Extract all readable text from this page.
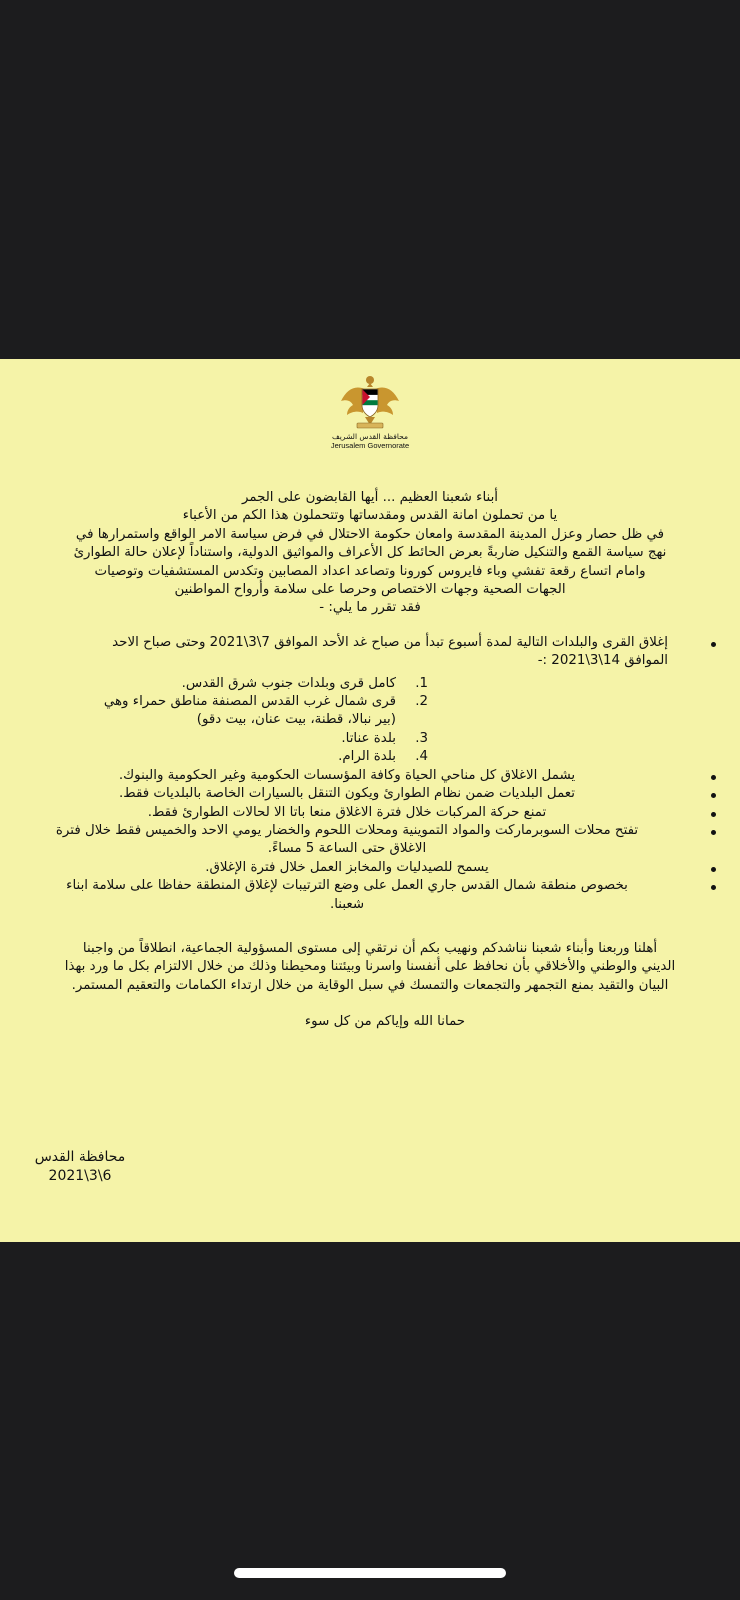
محافظة القدس الشريف
Jerusalem Governorate

أبناء شعبنا العظيم ... أيها القابضون على الجمر

يا من تحملون امانة القدس ومقدساتها وتتحملون هذا الكم من الأعباء

في ظل حصار وعزل المدينة المقدسة وامعان حكومة الاحتلال في فرض سياسة الامر الواقع واستمرارها في

نهج سياسة القمع والتنكيل ضاربةً بعرض الحائط كل الأعراف والمواثيق الدولية، واستناداً لإعلان حالة الطوارئ

وامام اتساع رقعة تفشي وباء فايروس كورونا وتصاعد اعداد المصابين وتكدس المستشفيات وتوصيات

الجهات الصحية وجهات الاختصاص وحرصا على سلامة وأرواح المواطنين

فقد تقرر ما يلي: -

إغلاق القرى والبلدات التالية لمدة أسبوع تبدأ من صباح غد الأحد الموافق 7\3\2021 وحتى صباح الاحد
الموافق 14\3\2021 :-
1.كامل قرى وبلدات جنوب شرق القدس.
2.قرى شمال غرب القدس المصنفة مناطق حمراء وهي
(بير نبالا، قطنة، بيت عنان، بيت دقو)
3.بلدة عناتا.
4.بلدة الرام.
يشمل الاغلاق كل مناحي الحياة وكافة المؤسسات الحكومية وغير الحكومية والبنوك.
تعمل البلديات ضمن نظام الطوارئ ويكون التنقل بالسيارات الخاصة بالبلديات فقط.
تمنع حركة المركبات خلال فترة الاغلاق منعا باتا الا لحالات الطوارئ فقط.
تفتح محلات السوبرماركت والمواد التموينية ومحلات اللحوم والخضار يومي الاحد والخميس فقط خلال فترة
الاغلاق حتى الساعة 5 مساءً.
يسمح للصيدليات والمخابز العمل خلال فترة الإغلاق.
بخصوص منطقة شمال القدس جاري العمل على وضع الترتيبات لإغلاق المنطقة حفاظا على سلامة ابناء
شعبنا.
أهلنا وربعنا وأبناء شعبنا نناشدكم ونهيب بكم أن نرتقي إلى مستوى المسؤولية الجماعية، انطلاقاً من واجبنا
الديني والوطني والأخلاقي بأن نحافظ على أنفسنا واسرنا وبيئتنا ومحيطنا وذلك من خلال الالتزام بكل ما ورد بهذا
البيان والتقيد بمنع التجمهر والتجمعات والتمسك في سبل الوقاية من خلال ارتداء الكمامات والتعقيم المستمر.
حمانا الله وإياكم من كل سوء
محافظة القدس
6\3\2021
